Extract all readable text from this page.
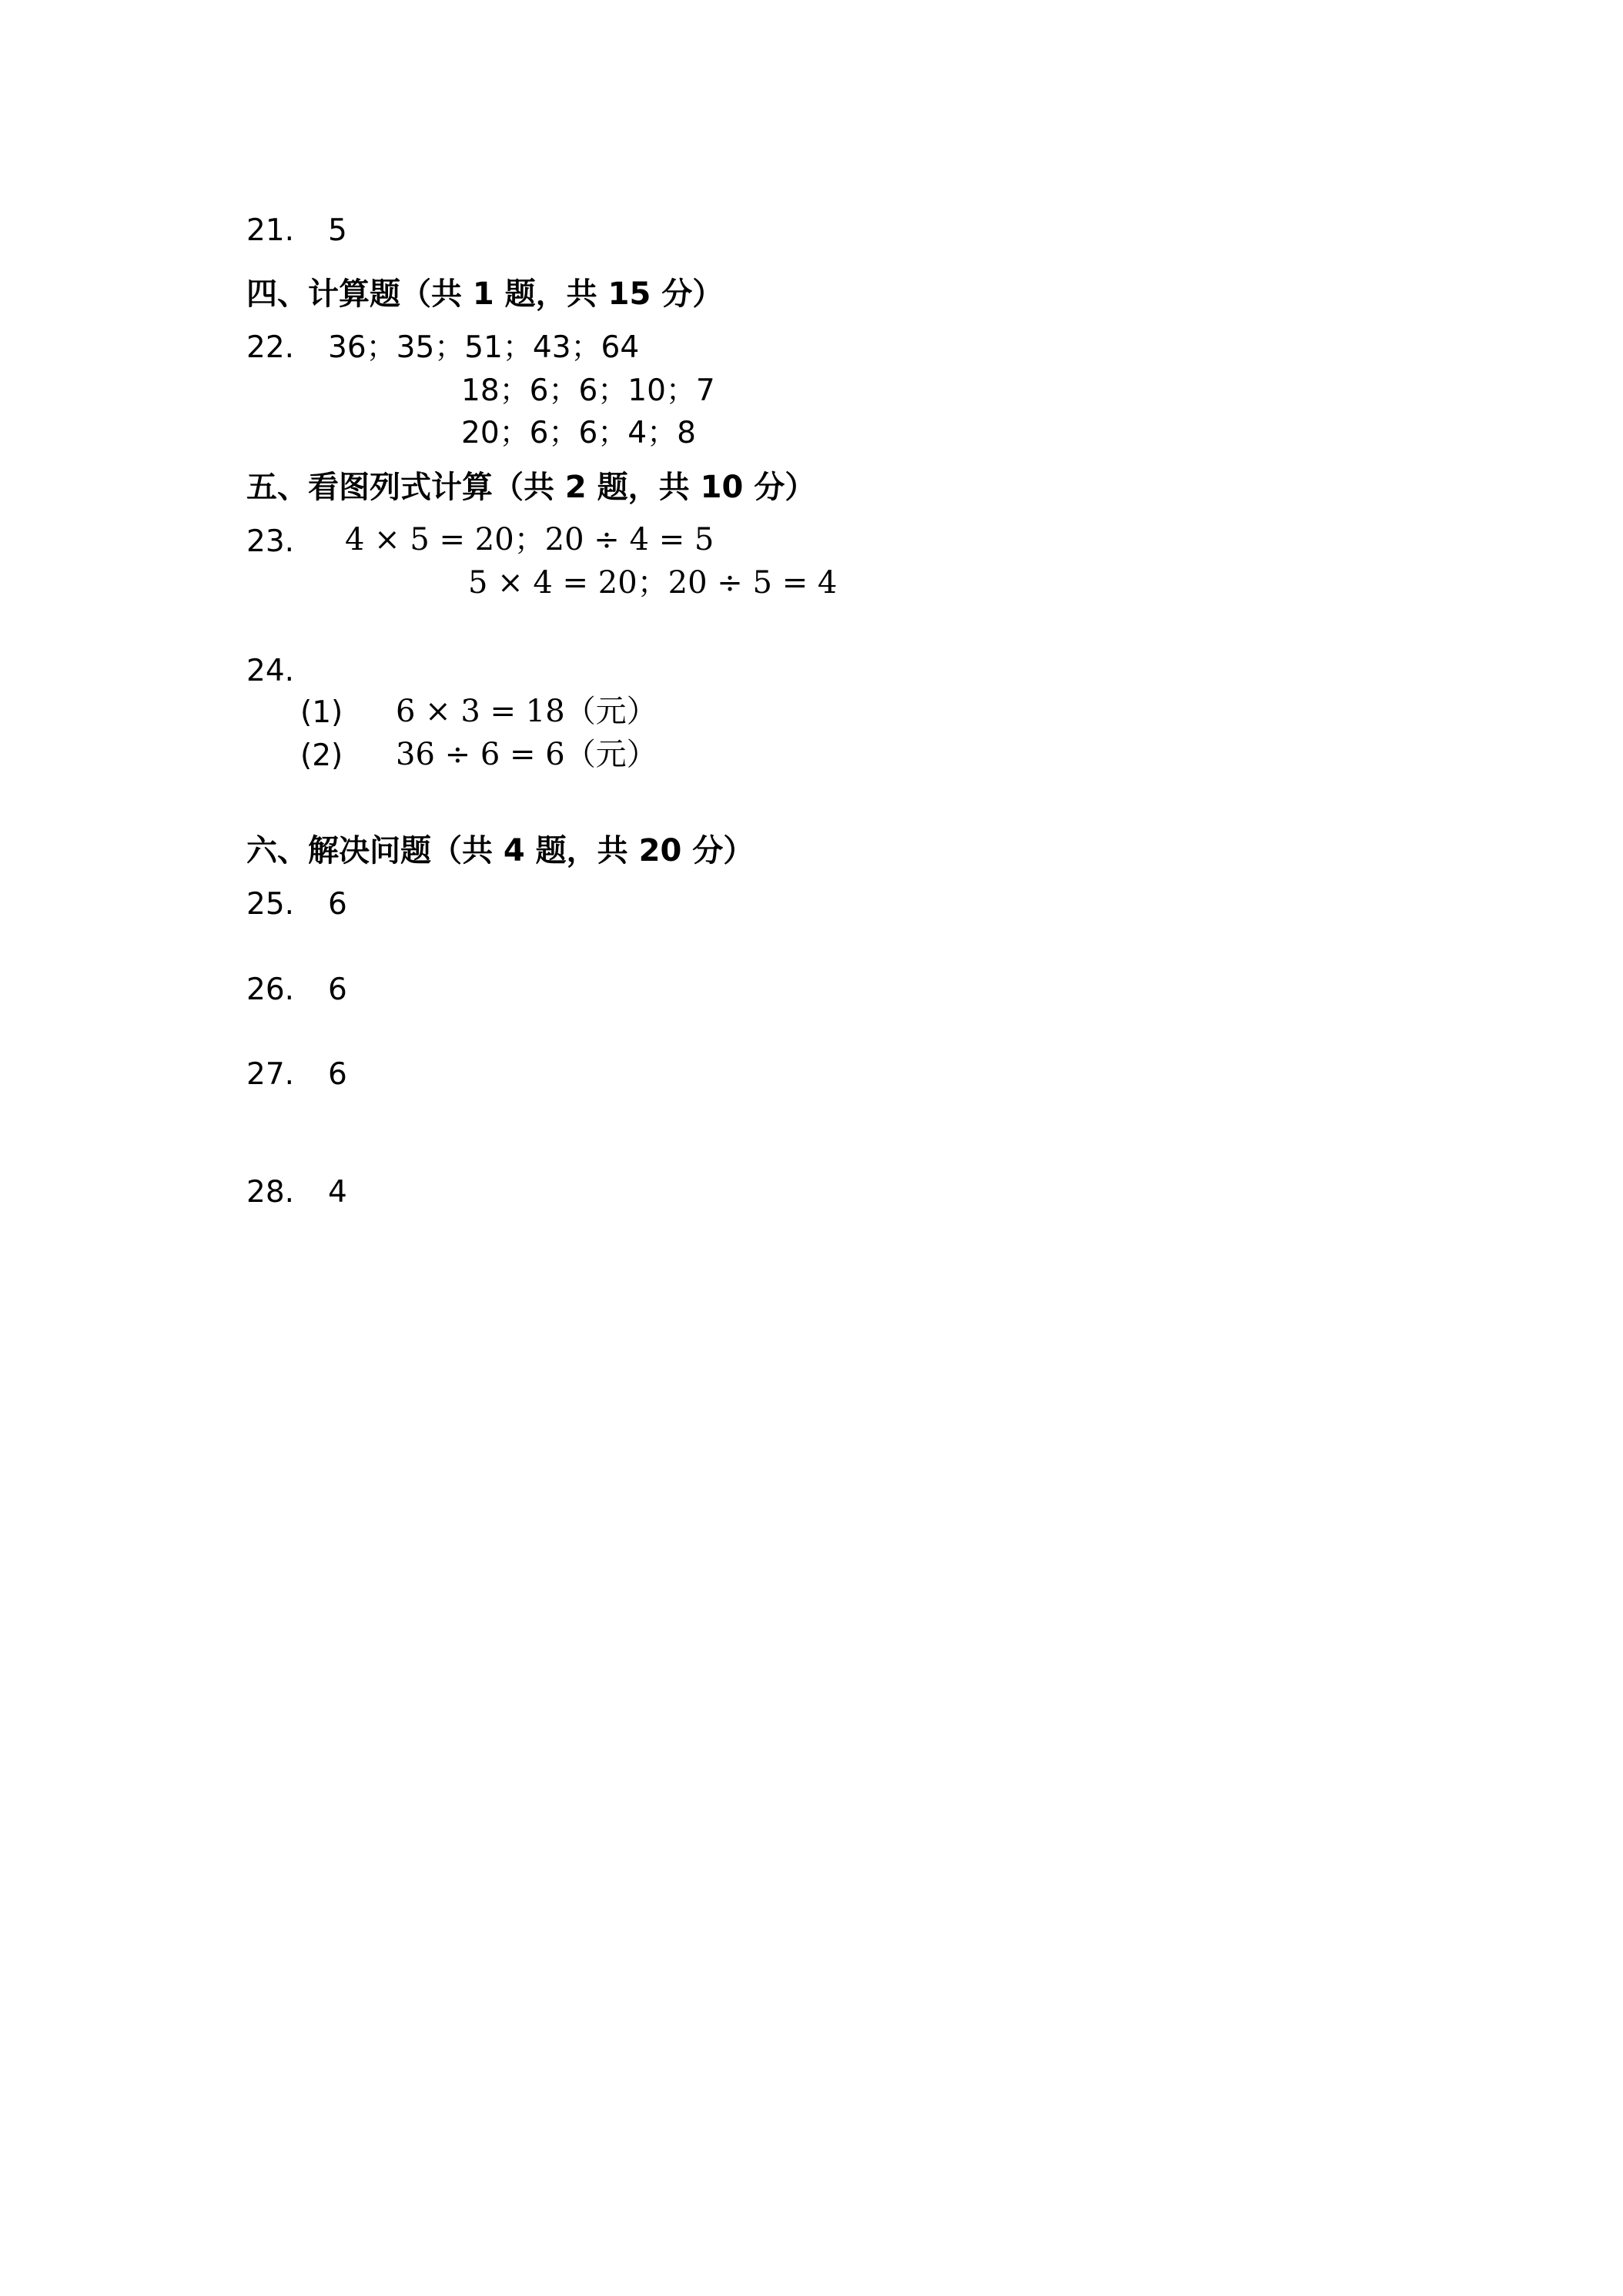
21. 5
四、计算题（共 1 题，共 15 分）
22. 36；35；51；43；64
18；6；6；10；7
20；6；6；4；8
五、看图列式计算（共 2 题，共 10 分）
23. 4 × 5 = 20；20 ÷ 4 = 5
5 × 4 = 20；20 ÷ 5 = 4
24.
(1) 6 × 3 = 18（元）
(2) 36 ÷ 6 = 6（元）
六、解决问题（共 4 题，共 20 分）
25. 6
26. 6
27. 6
28. 4
